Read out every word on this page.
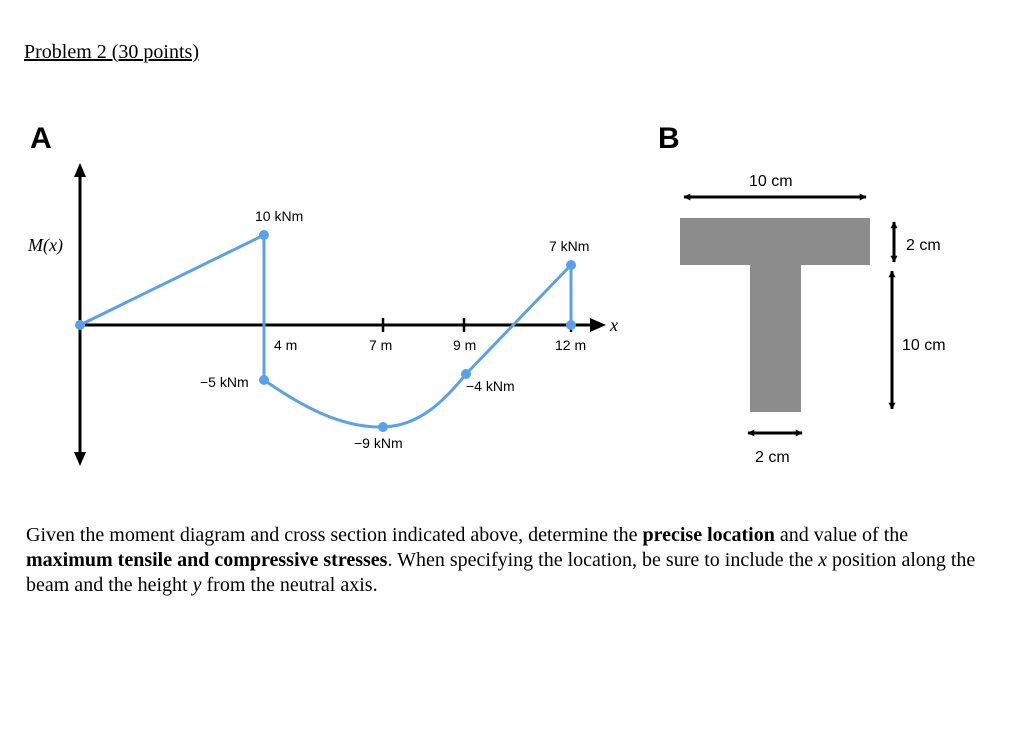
Problem 2 (30 points)
A
M(x)
x
10 kNm
−5 kNm
−9 kNm
−4 kNm
7 kNm
4 m	7 m	9 m	12 m
B
10 cm
2 cm
10 cm
2 cm
Given the moment diagram and cross section indicated above, determine the precise location and value of the maximum tensile and compressive stresses. When specifying the location, be sure to include the x position along the beam and the height y from the neutral axis.
